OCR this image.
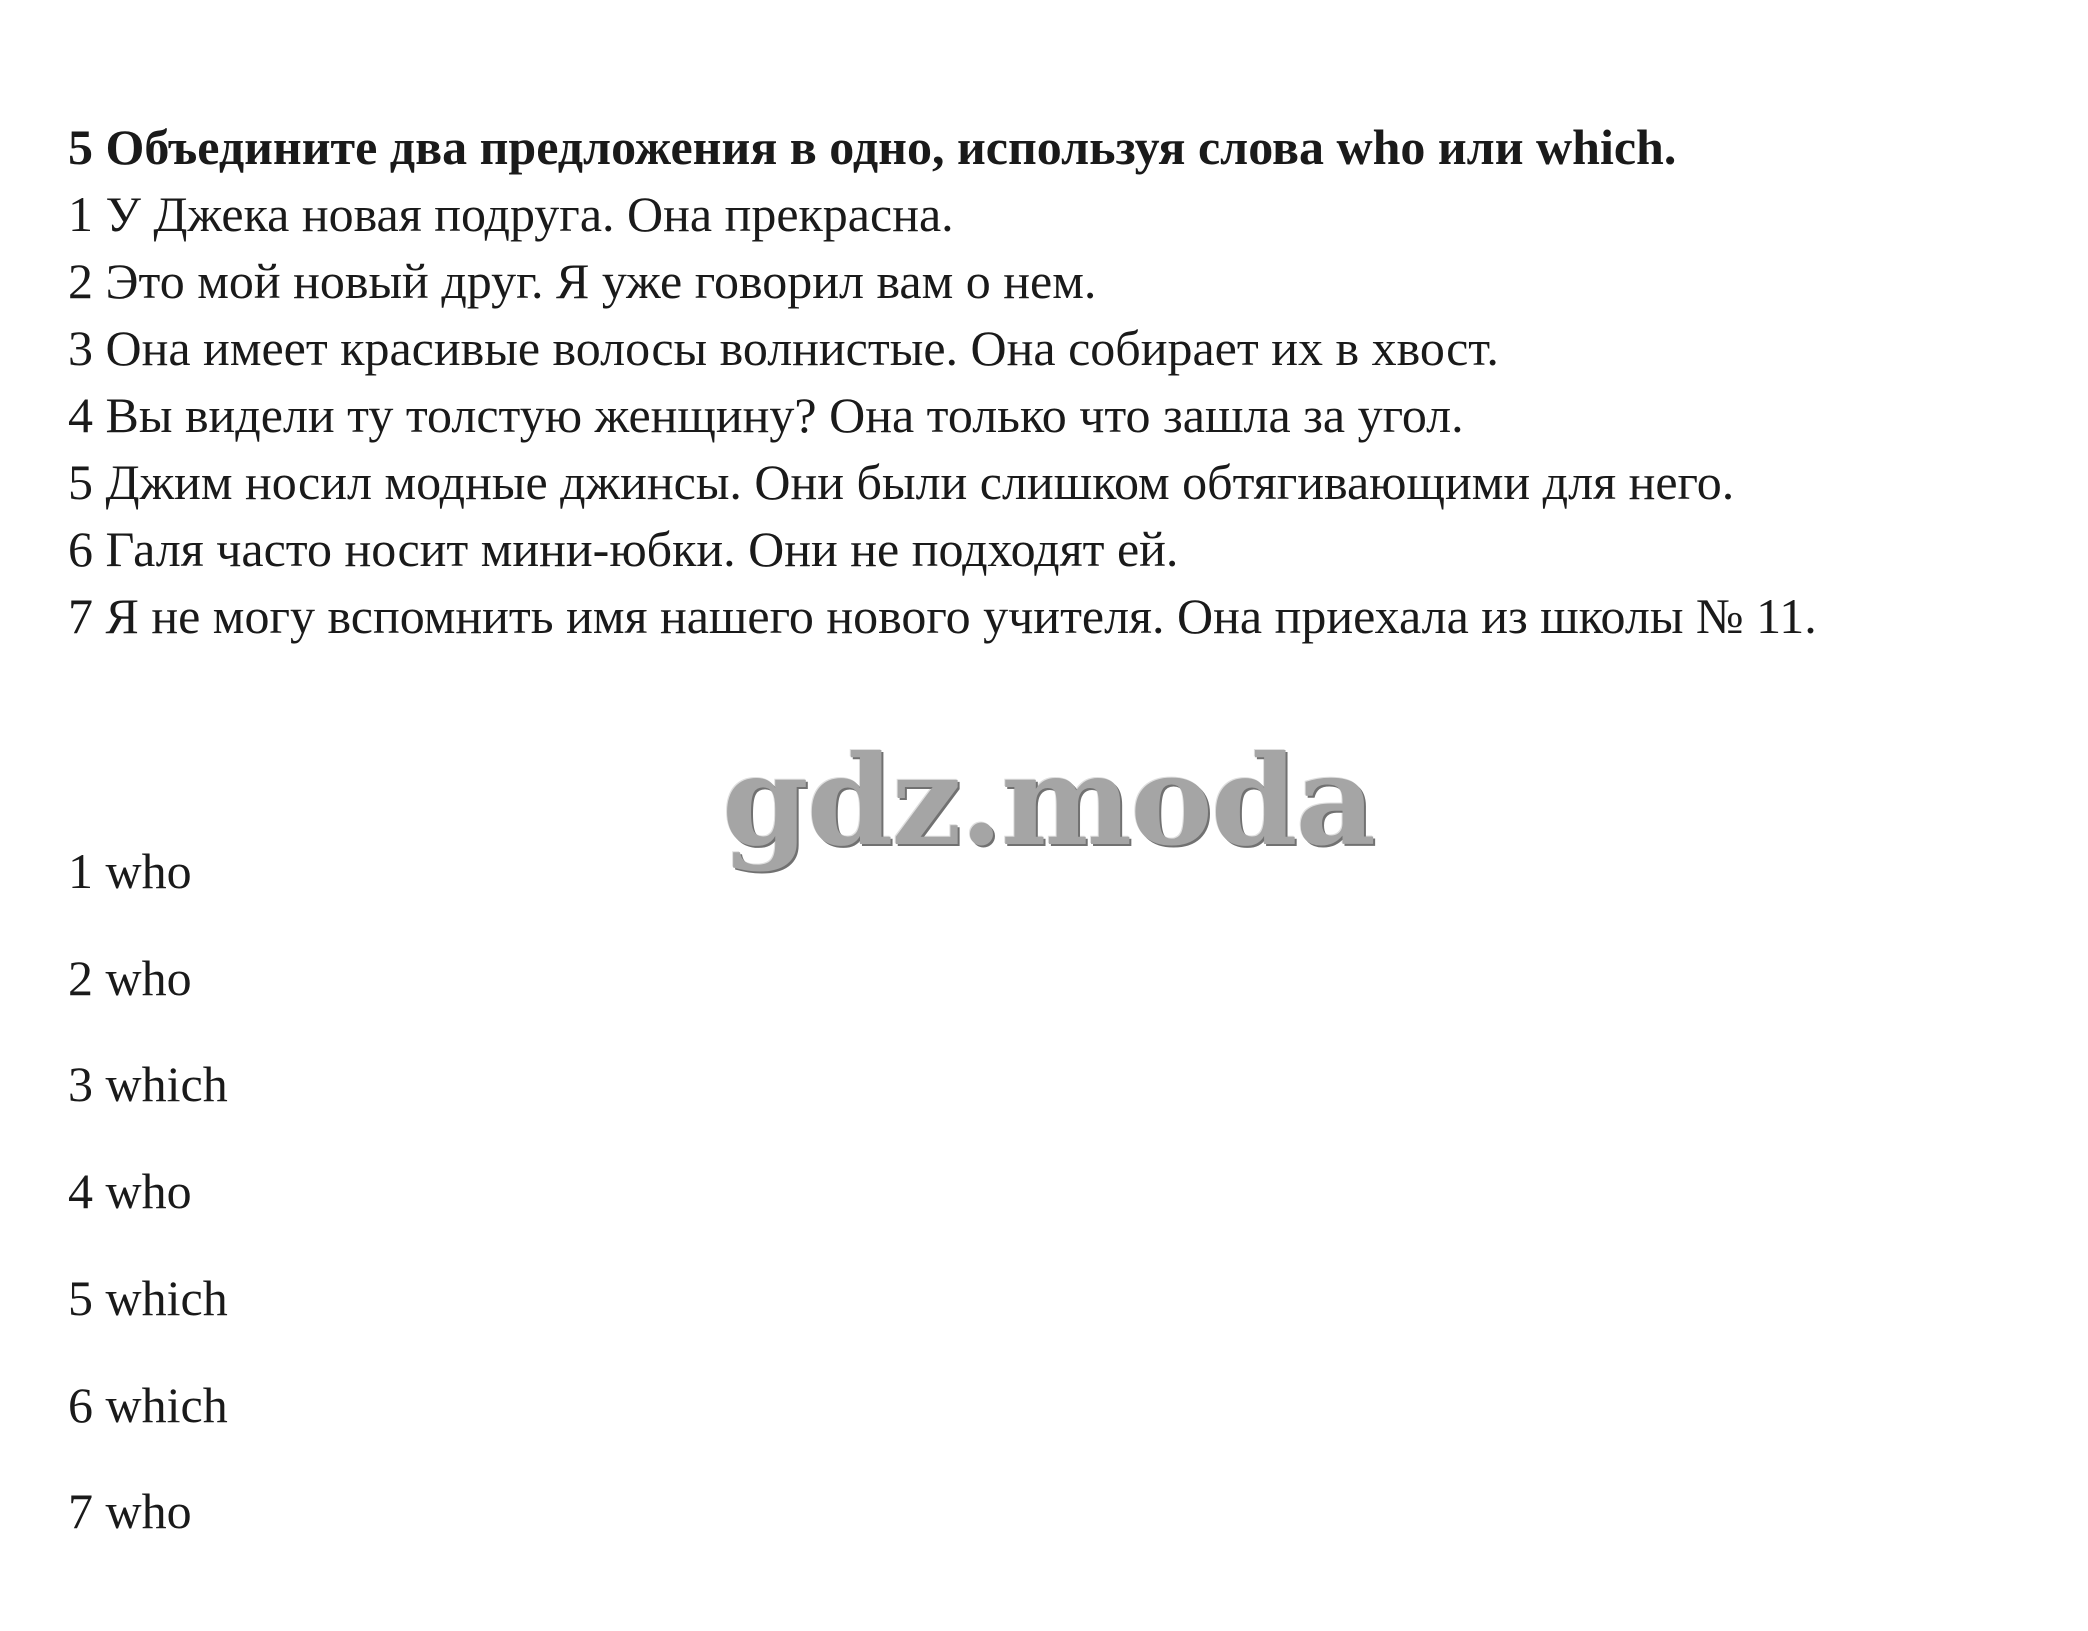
5 Объедините два предложения в одно, используя слова who или which.

1 У Джека новая подруга. Она прекрасна.

2 Это мой новый друг. Я уже говорил вам о нем.

3 Она имеет красивые волосы волнистые. Она собирает их в хвост.

4 Вы видели ту толстую женщину? Она только что зашла за угол.

5 Джим носил модные джинсы. Они были слишком обтягивающими для него.

6 Галя часто носит мини-юбки. Они не подходят ей.

7 Я не могу вспомнить имя нашего нового учителя. Она приехала из школы № 11.

gdz.moda

1 who

2 who

3 which

4 who

5 which

6 which

7 who
